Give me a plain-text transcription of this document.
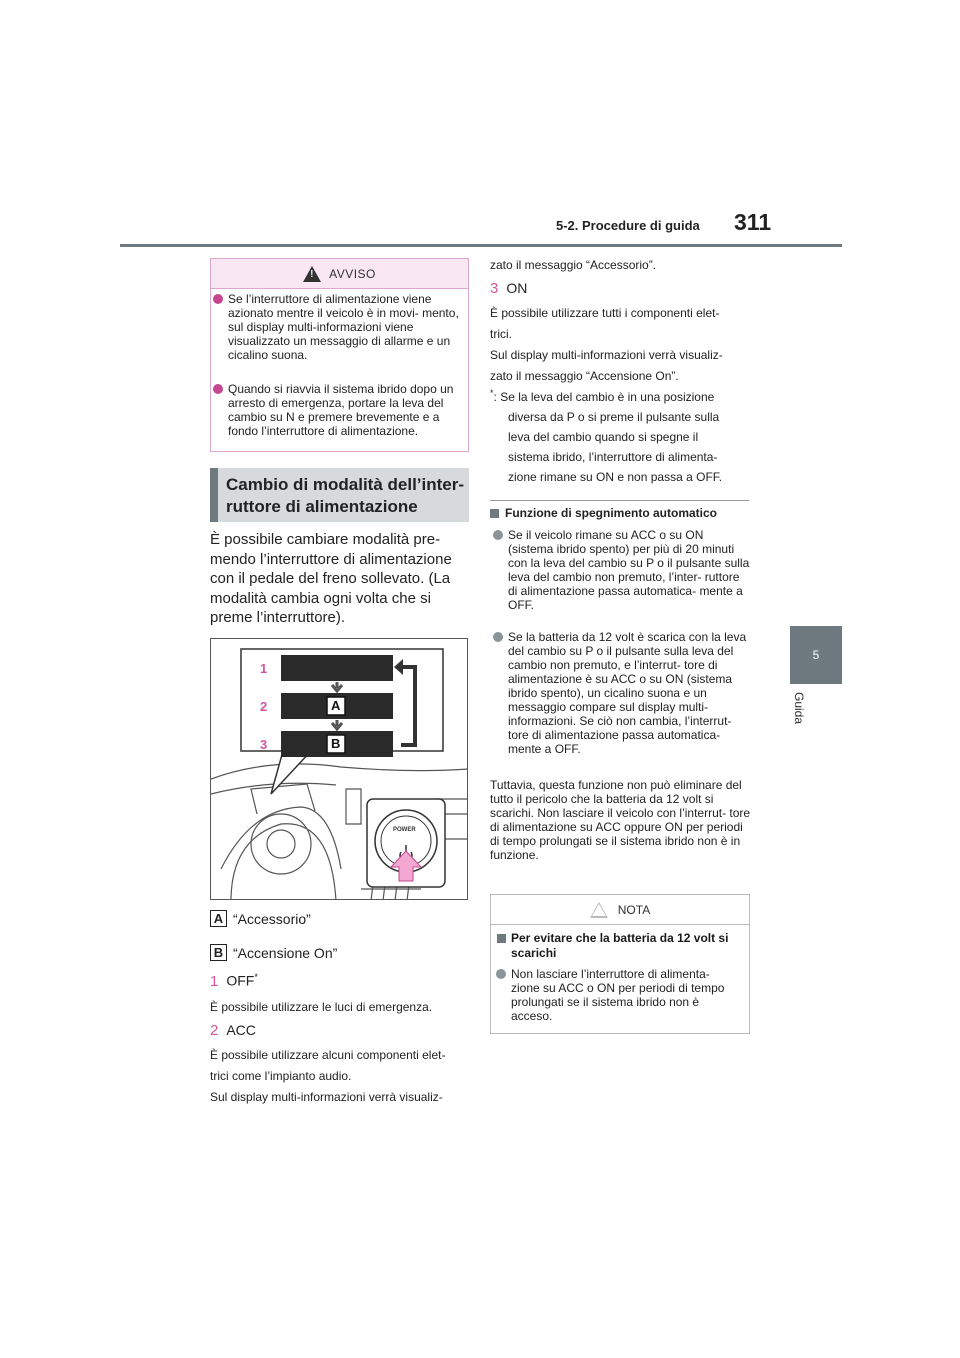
5-2. Procedure di guida 311
5
Guida
!
AVVISO
Se l’interruttore di alimentazione viene azionato mentre il veicolo è in movi- mento, sul display multi-informazioni viene visualizzato un messaggio di allarme e un cicalino suona.
Quando si riavvia il sistema ibrido dopo un arresto di emergenza, portare la leva del cambio su N e premere brevemente e a fondo l’interruttore di alimentazione.
Cambio di modalità dell’inter- ruttore di alimentazione
È possibile cambiare modalità pre- mendo l’interruttore di alimentazione con il pedale del freno sollevato. (La modalità cambia ogni volta che si preme l’interruttore).
1
2
3
A
B
POWER
A “Accessorio”
B “Accensione On”
1 OFF*
È possibile utilizzare le luci di emergenza.
2 ACC
È possibile utilizzare alcuni componenti elet-
trici come l’impianto audio.
Sul display multi-informazioni verrà visualiz-
zato il messaggio “Accessorio”.
3 ON
È possibile utilizzare tutti i componenti elet-
trici.
Sul display multi-informazioni verrà visualiz-
zato il messaggio “Accensione On”.
*: Se la leva del cambio è in una posizione
diversa da P o si preme il pulsante sulla
leva del cambio quando si spegne il
sistema ibrido, l’interruttore di alimenta-
zione rimane su ON e non passa a OFF.
Funzione di spegnimento automatico
Se il veicolo rimane su ACC o su ON (sistema ibrido spento) per più di 20 minuti con la leva del cambio su P o il pulsante sulla leva del cambio non premuto, l’inter- ruttore di alimentazione passa automatica- mente a OFF.
Se la batteria da 12 volt è scarica con la leva del cambio su P o il pulsante sulla leva del cambio non premuto, e l’interrut- tore di alimentazione è su ACC o su ON (sistema ibrido spento), un cicalino suona e un messaggio compare sul display multi- informazioni. Se ciò non cambia, l’interrut- tore di alimentazione passa automatica- mente a OFF.
Tuttavia, questa funzione non può eliminare del tutto il pericolo che la batteria da 12 volt si scarichi. Non lasciare il veicolo con l’interrut- tore di alimentazione su ACC oppure ON per periodi di tempo prolungati se il sistema ibrido non è in funzione.
NOTA
Per evitare che la batteria da 12 volt si scarichi
Non lasciare l’interruttore di alimenta- zione su ACC o ON per periodi di tempo prolungati se il sistema ibrido non è acceso.
